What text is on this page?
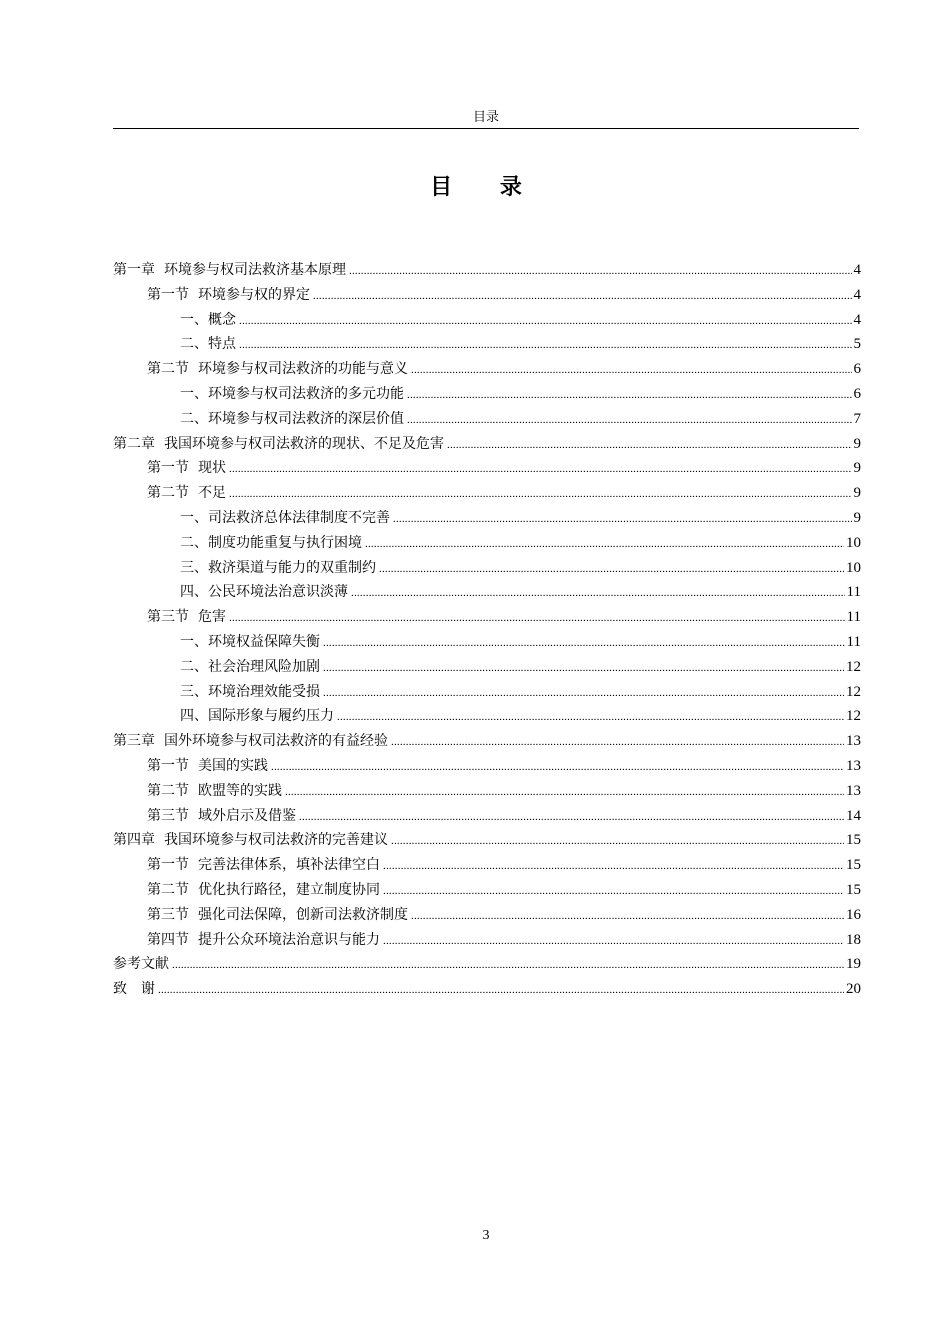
目录
目 录
第一章 环境参与权司法救济基本原理 .....	4
第一节 环境参与权的界定 .....	4
一、概念 .....	4
二、特点 .....	5
第二节 环境参与权司法救济的功能与意义 .....	6
一、环境参与权司法救济的多元功能 .....	6
二、环境参与权司法救济的深层价值 .....	7
第二章 我国环境参与权司法救济的现状、不足及危害 .....	9
第一节 现状 .....	9
第二节 不足 .....	9
一、司法救济总体法律制度不完善 .....	9
二、制度功能重复与执行困境 .....	10
三、救济渠道与能力的双重制约 .....	10
四、公民环境法治意识淡薄 .....	11
第三节 危害 .....	11
一、环境权益保障失衡 .....	11
二、社会治理风险加剧 .....	12
三、环境治理效能受损 .....	12
四、国际形象与履约压力 .....	12
第三章 国外环境参与权司法救济的有益经验 .....	13
第一节 美国的实践 .....	13
第二节 欧盟等的实践 .....	13
第三节 域外启示及借鉴 .....	14
第四章 我国环境参与权司法救济的完善建议 .....	15
第一节 完善法律体系，填补法律空白 .....	15
第二节 优化执行路径，建立制度协同 .....	15
第三节 强化司法保障，创新司法救济制度 .....	16
第四节 提升公众环境法治意识与能力 .....	18
参考文献 .....	19
致　谢 .....	20
3
